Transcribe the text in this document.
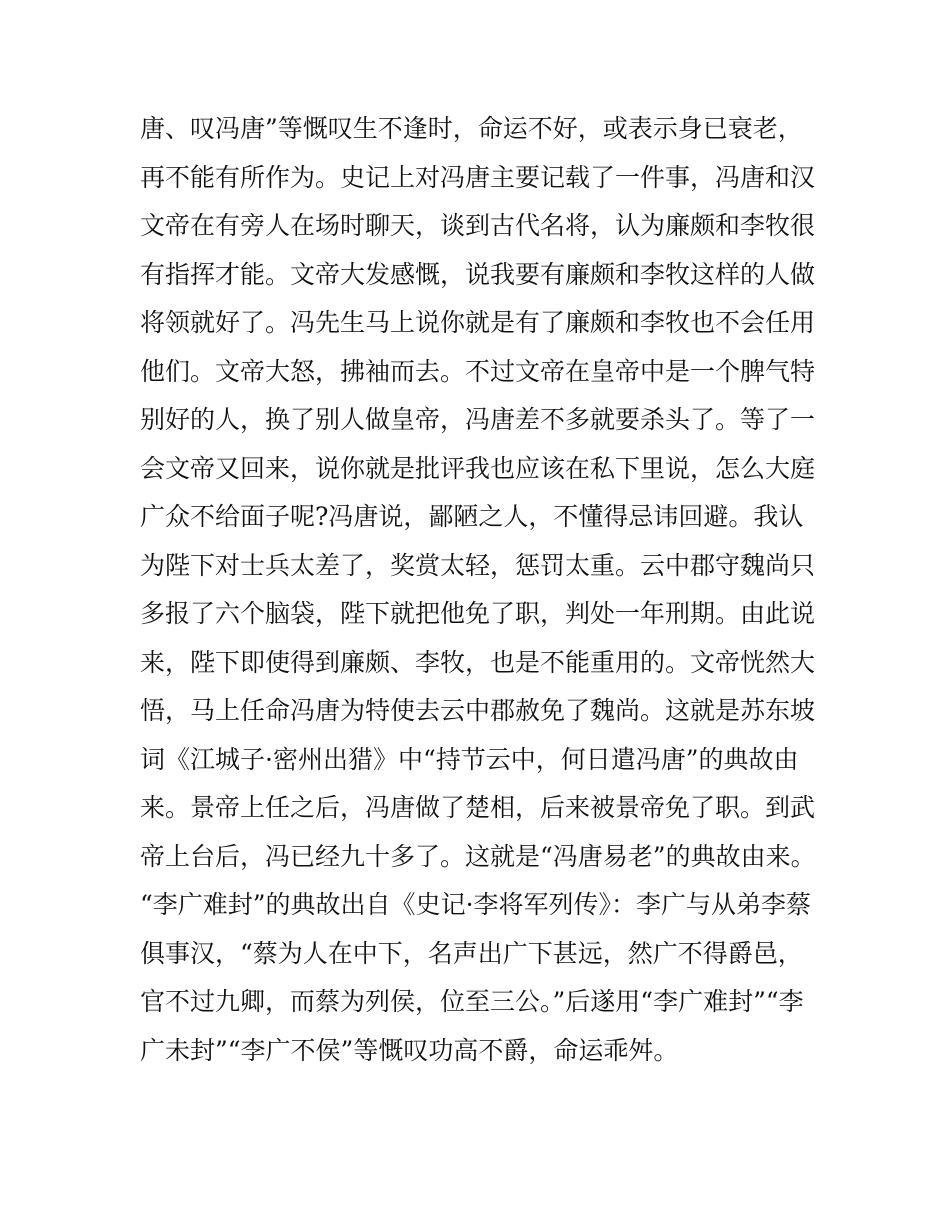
唐、叹冯唐”等慨叹生不逢时，命运不好，或表示身已衰老，
再不能有所作为。史记上对冯唐主要记载了一件事，冯唐和汉
文帝在有旁人在场时聊天，谈到古代名将，认为廉颇和李牧很
有指挥才能。文帝大发感慨，说我要有廉颇和李牧这样的人做
将领就好了。冯先生马上说你就是有了廉颇和李牧也不会任用
他们。文帝大怒，拂袖而去。不过文帝在皇帝中是一个脾气特
别好的人，换了别人做皇帝，冯唐差不多就要杀头了。等了一
会文帝又回来，说你就是批评我也应该在私下里说，怎么大庭
广众不给面子呢?冯唐说，鄙陋之人，不懂得忌讳回避。我认
为陛下对士兵太差了，奖赏太轻，惩罚太重。云中郡守魏尚只
多报了六个脑袋，陛下就把他免了职，判处一年刑期。由此说
来，陛下即使得到廉颇、李牧，也是不能重用的。文帝恍然大
悟，马上任命冯唐为特使去云中郡赦免了魏尚。这就是苏东坡
词《江城子·密州出猎》中“持节云中，何日遣冯唐”的典故由
来。景帝上任之后，冯唐做了楚相，后来被景帝免了职。到武
帝上台后，冯已经九十多了。这就是“冯唐易老”的典故由来。
“李广难封”的典故出自《史记·李将军列传》：李广与从弟李蔡
俱事汉，“蔡为人在中下，名声出广下甚远，然广不得爵邑，
官不过九卿，而蔡为列侯，位至三公。”后遂用“李广难封”“李
广未封”“李广不侯”等慨叹功高不爵，命运乖舛。
